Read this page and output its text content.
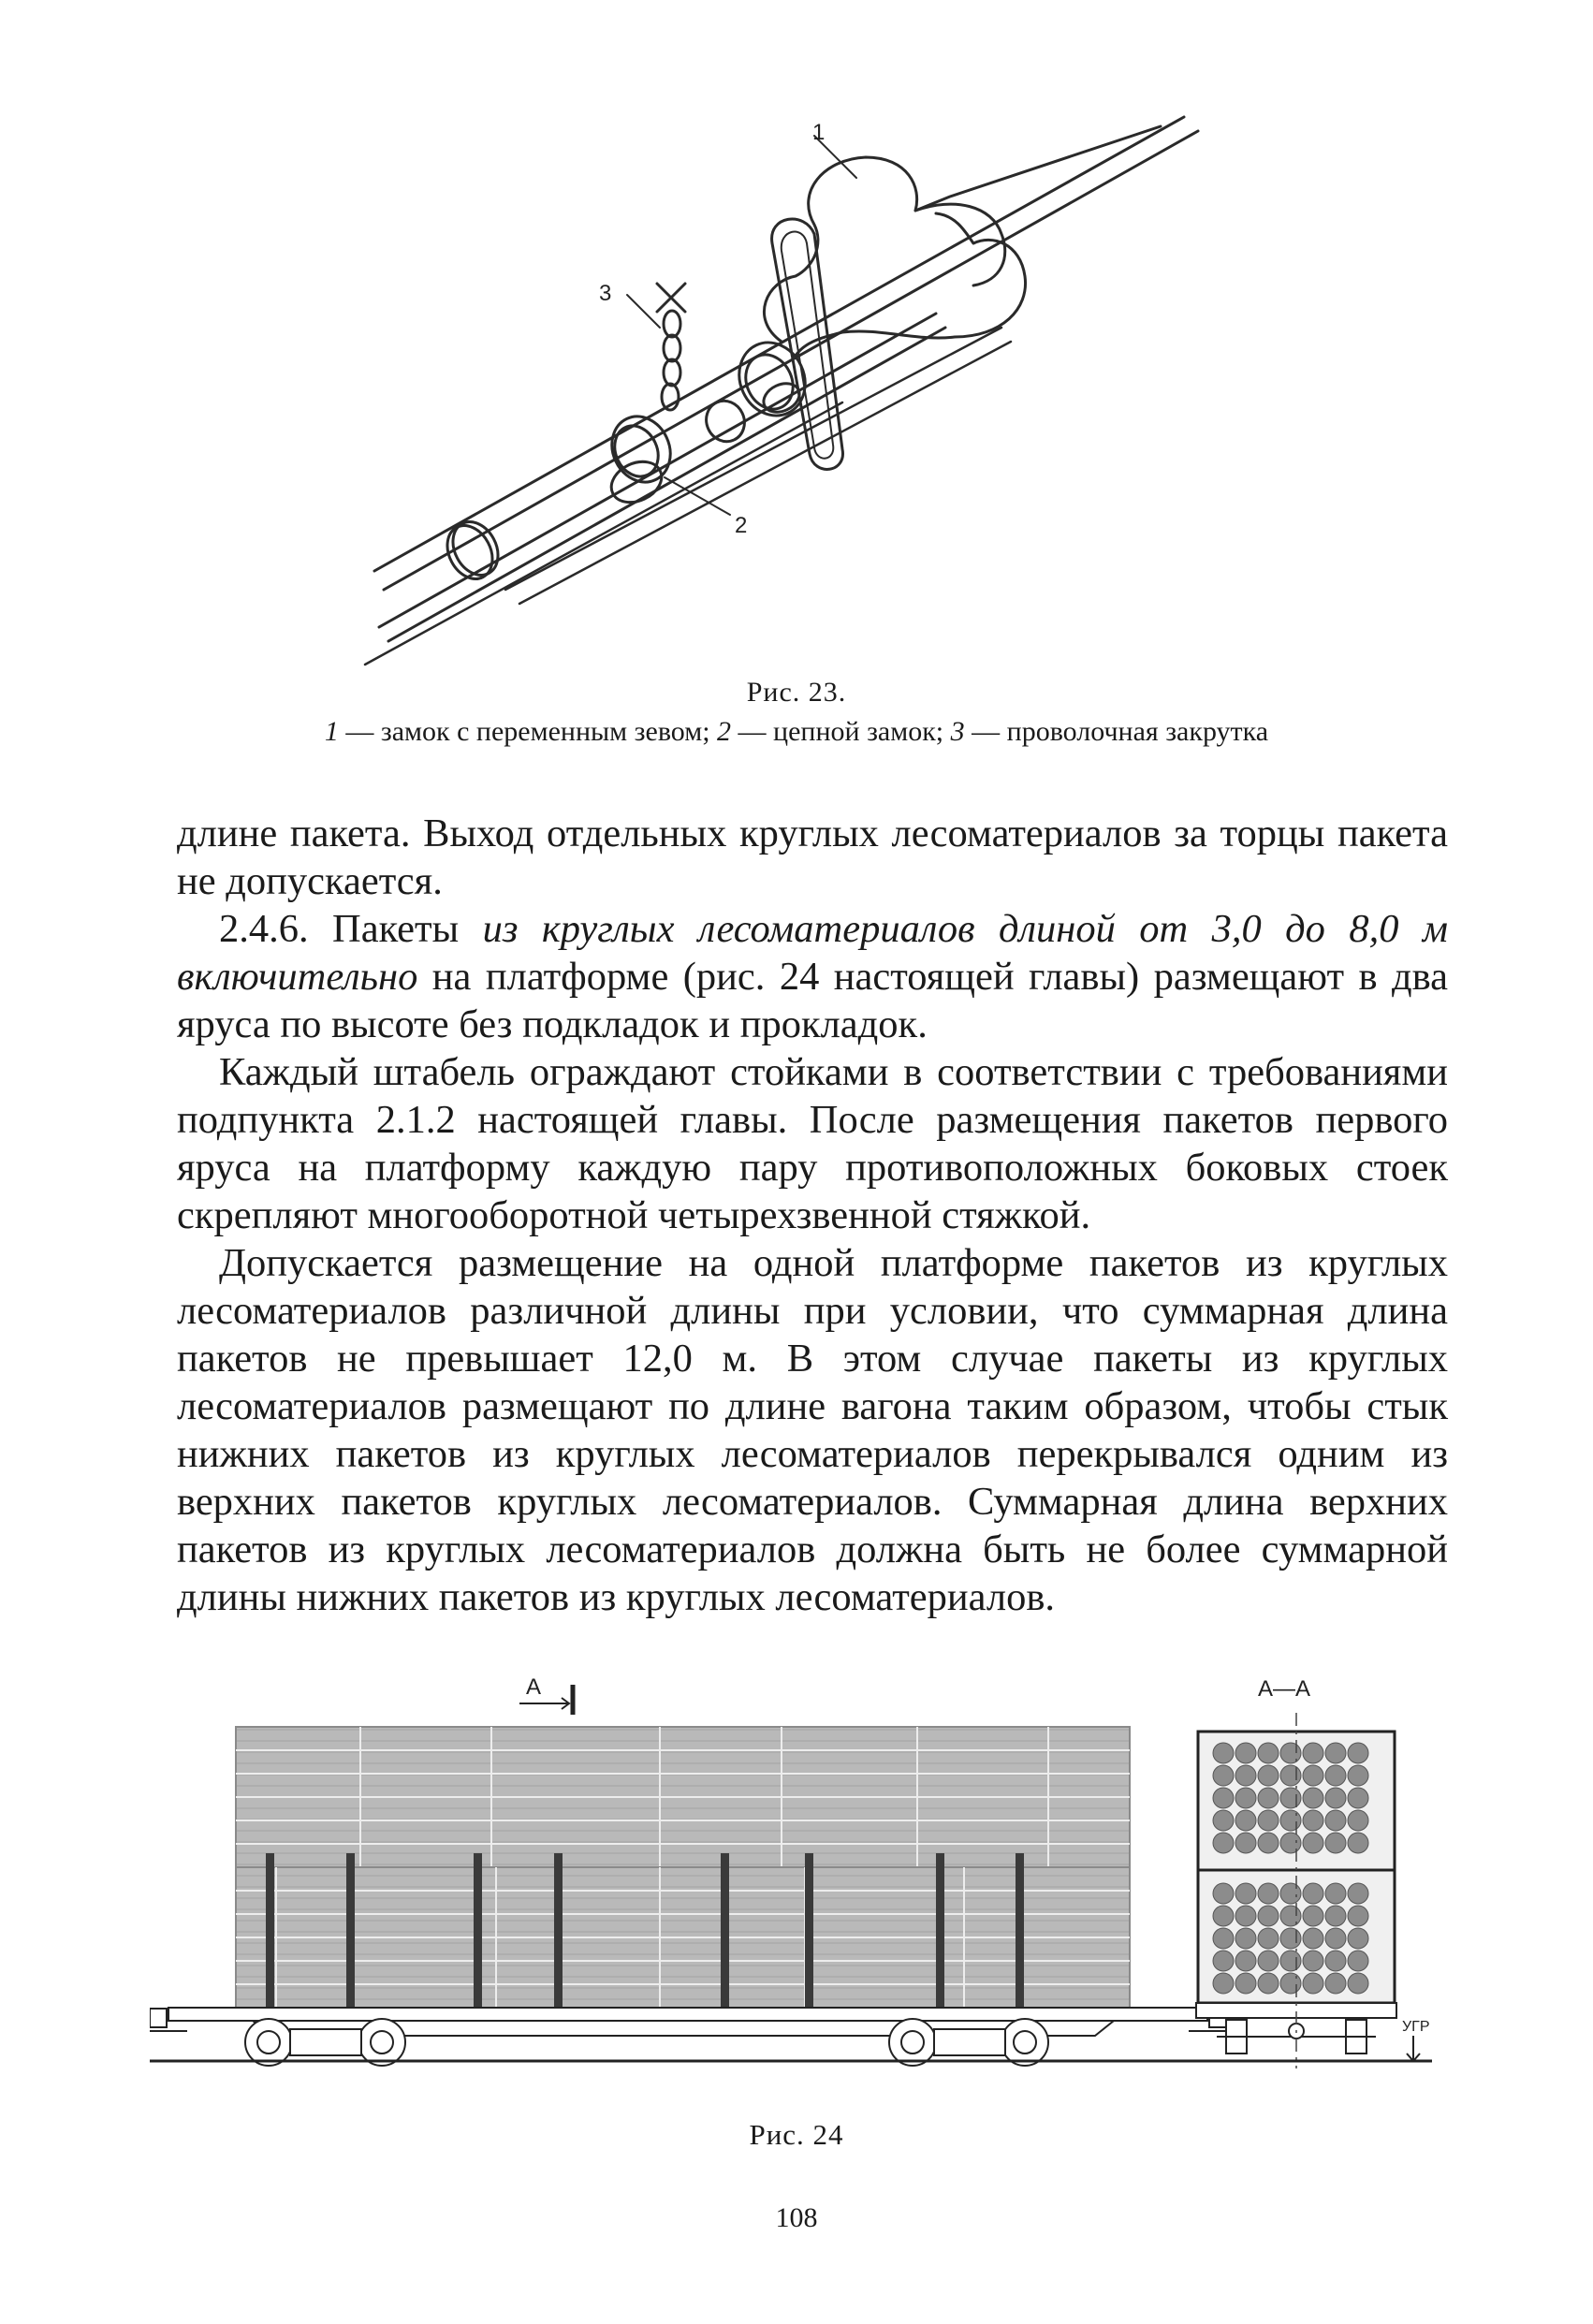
1
2
3
Рис. 23.
1 — замок с переменным зевом; 2 — цепной замок; 3 — проволочная закрутка

длине пакета. Выход отдельных круглых лесоматериалов за торцы пакета не допускается.

2.4.6. Пакеты из круглых лесоматериалов длиной от 3,0 до 8,0 м включительно на платформе (рис. 24 настоящей главы) размещают в два яруса по высоте без подкладок и прокладок.

Каждый штабель ограждают стойками в соответствии с требованиями подпункта 2.1.2 настоящей главы. После размещения пакетов первого яруса на платформу каждую пару противоположных боковых стоек скрепляют многооборотной четырехзвенной стяжкой.

Допускается размещение на одной платформе пакетов из круглых лесоматериалов различной длины при условии, что суммарная длина пакетов не превышает 12,0 м. В этом случае пакеты из круглых лесоматериалов размещают по длине вагона таким образом, чтобы стык нижних пакетов из круглых лесоматериалов перекрывался одним из верхних пакетов круглых лесоматериалов. Суммарная длина верхних пакетов из круглых лесоматериалов должна быть не более суммарной длины нижних пакетов из круглых лесоматериалов.

А	А—А
УГР
Рис. 24
108
